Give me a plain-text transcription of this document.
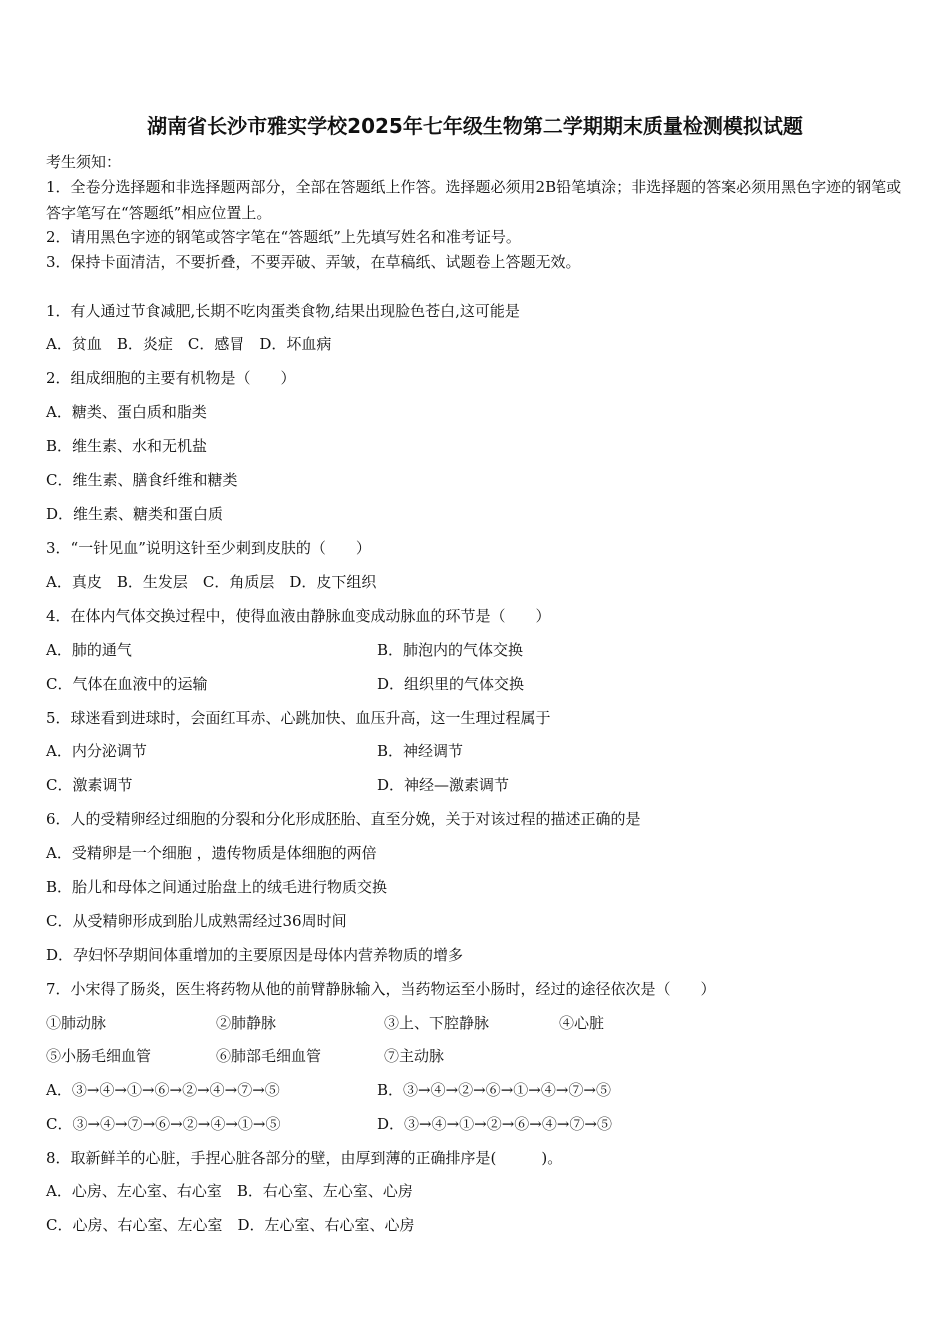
湖南省长沙市雅实学校2025年七年级生物第二学期期末质量检测模拟试题
考生须知：
1．全卷分选择题和非选择题两部分，全部在答题纸上作答。选择题必须用2B铅笔填涂；非选择题的答案必须用黑色字迹的钢笔或答字笔写在“答题纸”相应位置上。
2．请用黑色字迹的钢笔或答字笔在“答题纸”上先填写姓名和准考证号。
3．保持卡面清洁，不要折叠，不要弄破、弄皱，在草稿纸、试题卷上答题无效。
1．有人通过节食减肥,长期不吃肉蛋类食物,结果出现脸色苍白,这可能是
A．贫血　B．炎症　C．感冒　D．坏血病
2．组成细胞的主要有机物是（　　）
A．糖类、蛋白质和脂类
B．维生素、水和无机盐
C．维生素、膳食纤维和糖类
D．维生素、糖类和蛋白质
3．“一针见血”说明这针至少刺到皮肤的（　　）
A．真皮　B．生发层　C．角质层　D．皮下组织
4．在体内气体交换过程中，使得血液由静脉血变成动脉血的环节是（　　）
A．肺的通气	B．肺泡内的气体交换
C．气体在血液中的运输	D．组织里的气体交换
5．球迷看到进球时，会面红耳赤、心跳加快、血压升高，这一生理过程属于
A．内分泌调节	B．神经调节
C．激素调节	D．神经—激素调节
6．人的受精卵经过细胞的分裂和分化形成胚胎、直至分娩，关于对该过程的描述正确的是
A．受精卵是一个细胞 ，遗传物质是体细胞的两倍
B．胎儿和母体之间通过胎盘上的绒毛进行物质交换
C．从受精卵形成到胎儿成熟需经过36周时间
D．孕妇怀孕期间体重增加的主要原因是母体内营养物质的增多
7．小宋得了肠炎，医生将药物从他的前臂静脉输入，当药物运至小肠时，经过的途径依次是（　　）
①肺动脉	②肺静脉	③上、下腔静脉	④心脏
⑤小肠毛细血管	⑥肺部毛细血管	⑦主动脉
A．③→④→①→⑥→②→④→⑦→⑤	B．③→④→②→⑥→①→④→⑦→⑤
C．③→④→⑦→⑥→②→④→①→⑤	D．③→④→①→②→⑥→④→⑦→⑤
8．取新鲜羊的心脏，手捏心脏各部分的壁，由厚到薄的正确排序是(　　　)。
A．心房、左心室、右心室　B．右心室、左心室、心房
C．心房、右心室、左心室　D．左心室、右心室、心房
